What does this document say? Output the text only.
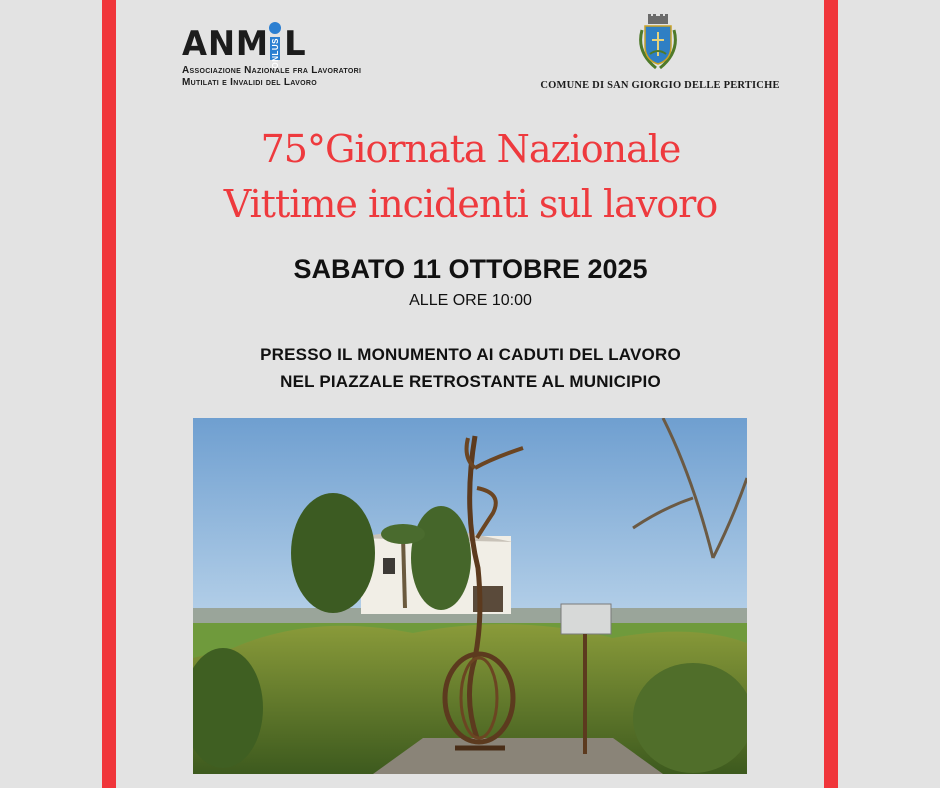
ANM ONLUS L
Associazione Nazionale fra Lavoratori
Mutilati e Invalidi del Lavoro	COMUNE DI SAN GIORGIO DELLE PERTICHE
75°Giornata Nazionale
Vittime incidenti sul lavoro
SABATO 11 OTTOBRE 2025
ALLE ORE 10:00
PRESSO IL MONUMENTO AI CADUTI DEL LAVORO
NEL PIAZZALE RETROSTANTE AL MUNICIPIO
